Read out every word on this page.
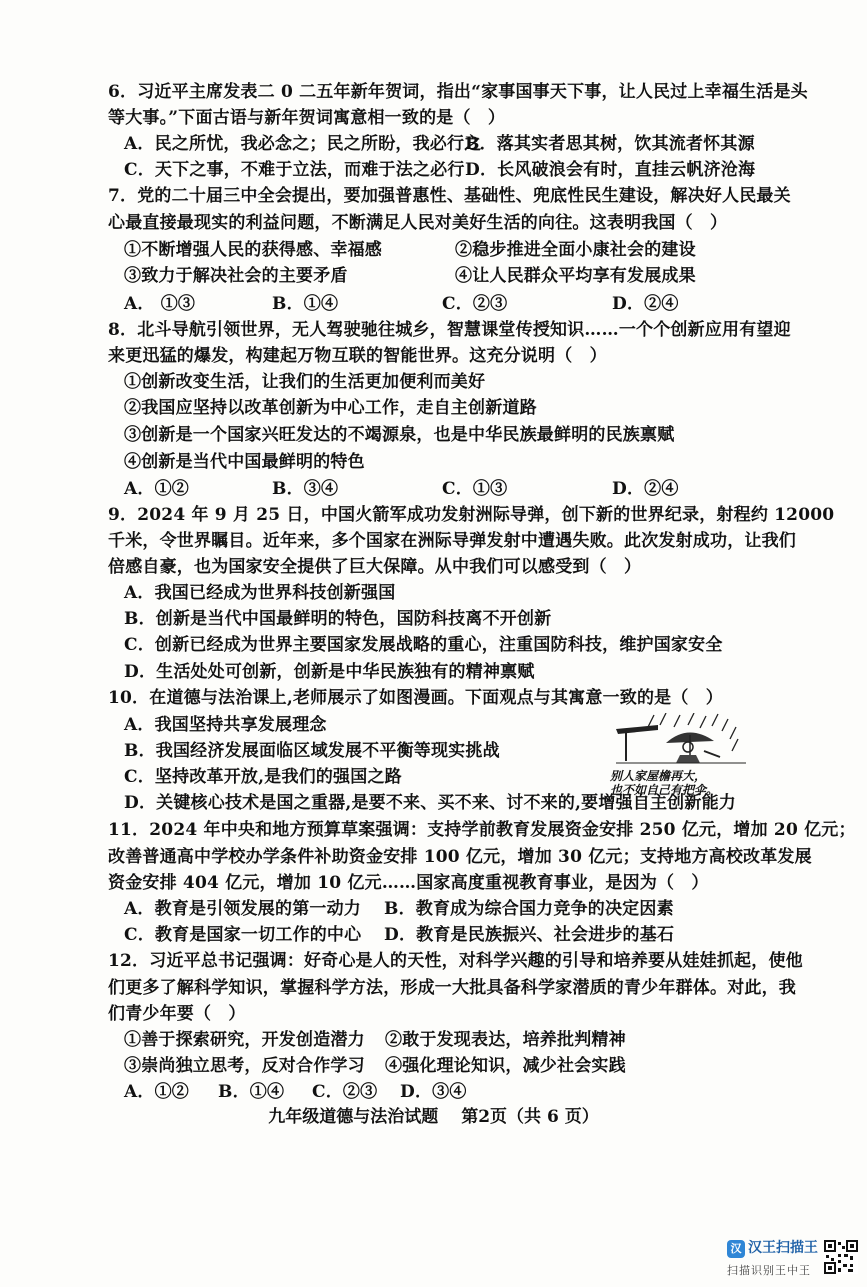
6．习近平主席发表二 0 二五年新年贺词，指出“家事国事天下事，让人民过上幸福生活是头
等大事。”下面古语与新年贺词寓意相一致的是（　）
A．民之所忧，我必念之；民之所盼，我必行之
B．落其实者思其树，饮其流者怀其源
C．天下之事，不难于立法，而难于法之必行 D．长风破浪会有时，直挂云帆济沧海
7．党的二十届三中全会提出，要加强普惠性、基础性、兜底性民生建设，解决好人民最关
心最直接最现实的利益问题，不断满足人民对美好生活的向往。这表明我国（　）
①不断增强人民的获得感、幸福感	②稳步推进全面小康社会的建设
③致力于解决社会的主要矛盾	④让人民群众平均享有发展成果
A． ①③	B．①④	C．②③	D．②④
8．北斗导航引领世界，无人驾驶驰往城乡，智慧课堂传授知识……一个个创新应用有望迎
来更迅猛的爆发，构建起万物互联的智能世界。这充分说明（　）
①创新改变生活，让我们的生活更加便利而美好
②我国应坚持以改革创新为中心工作，走自主创新道路
③创新是一个国家兴旺发达的不竭源泉，也是中华民族最鲜明的民族禀赋
④创新是当代中国最鲜明的特色
A．①②	B．③④	C．①③	D．②④
9．2024 年 9 月 25 日，中国火箭军成功发射洲际导弹，创下新的世界纪录，射程约 12000
千米，令世界瞩目。近年来，多个国家在洲际导弹发射中遭遇失败。此次发射成功，让我们
倍感自豪，也为国家安全提供了巨大保障。从中我们可以感受到（　）
A．我国已经成为世界科技创新强国
B．创新是当代中国最鲜明的特色，国防科技离不开创新
C．创新已经成为世界主要国家发展战略的重心，注重国防科技，维护国家安全
D．生活处处可创新，创新是中华民族独有的精神禀赋
10．在道德与法治课上,老师展示了如图漫画。下面观点与其寓意一致的是（　）
A．我国坚持共享发展理念
B．我国经济发展面临区域发展不平衡等现实挑战
C．坚持改革开放,是我们的强国之路
D．关键核心技术是国之重器,是要不来、买不来、讨不来的,要增强自主创新能力
别人家屋檐再大，
也不如自己有把伞。
11．2024 年中央和地方预算草案强调：支持学前教育发展资金安排 250 亿元，增加 20 亿元；
改善普通高中学校办学条件补助资金安排 100 亿元，增加 30 亿元；支持地方高校改革发展
资金安排 404 亿元，增加 10 亿元……国家高度重视教育事业，是因为（　）
A．教育是引领发展的第一动力 B．教育成为综合国力竞争的决定因素
C．教育是国家一切工作的中心 D．教育是民族振兴、社会进步的基石
12．习近平总书记强调：好奇心是人的天性，对科学兴趣的引导和培养要从娃娃抓起，使他
们更多了解科学知识，掌握科学方法，形成一大批具备科学家潜质的青少年群体。对此，我
们青少年要（　）
①善于探索研究，开发创造潜力 ②敢于发现表达，培养批判精神
③崇尚独立思考，反对合作学习 ④强化理论知识，减少社会实践
A．①② B．①④ C．②③ D．③④
九年级道德与法治试题　 第2页（共 6 页）
汉 汉王扫描王
扫描识别王中王
